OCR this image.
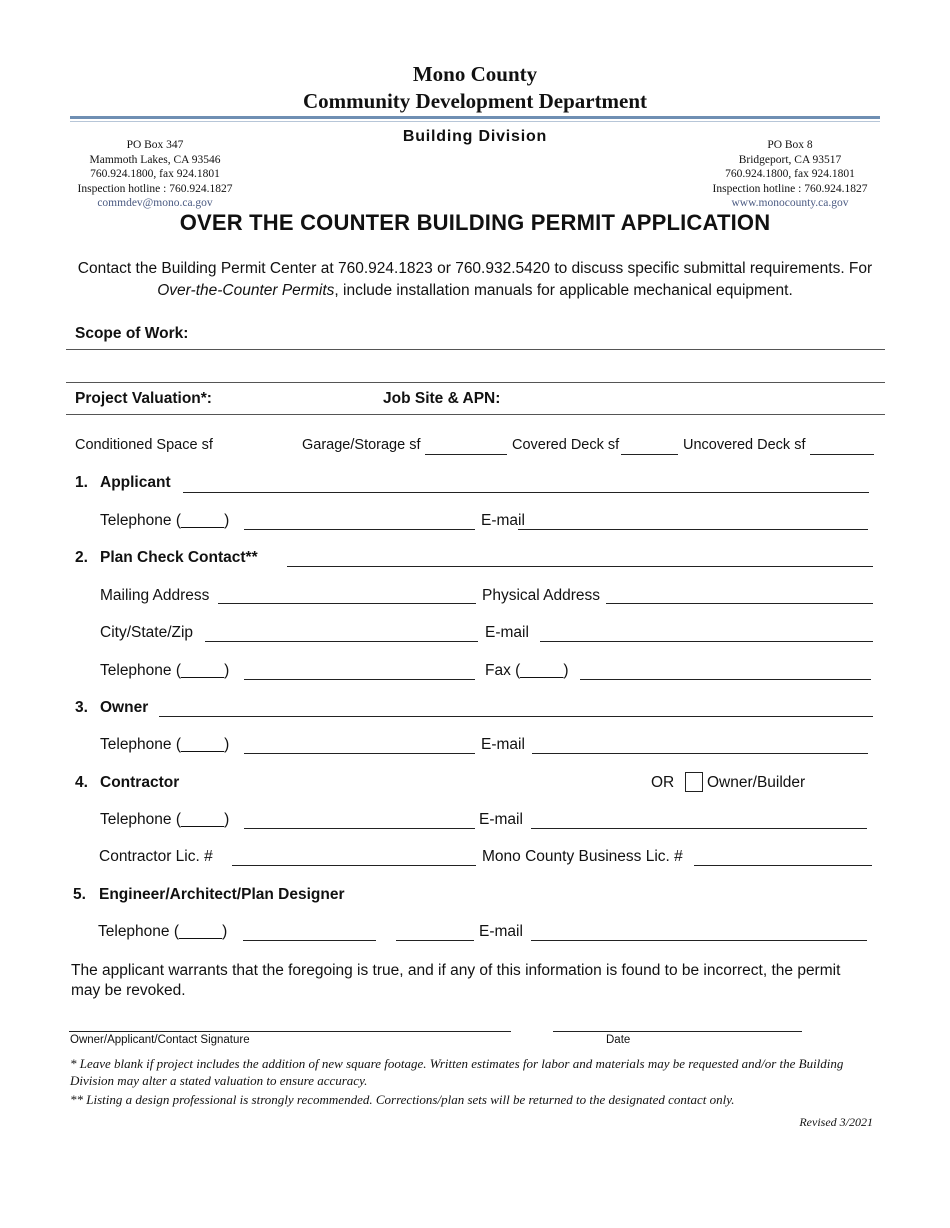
Mono County
Community Development Department
Building Division
PO Box 347
Mammoth Lakes, CA 93546
760.924.1800, fax 924.1801
Inspection hotline : 760.924.1827
commdev@mono.ca.gov
PO Box 8
Bridgeport, CA 93517
760.924.1800, fax 924.1801
Inspection hotline : 760.924.1827
www.monocounty.ca.gov
OVER THE COUNTER BUILDING PERMIT APPLICATION
Contact the Building Permit Center at 760.924.1823 or 760.932.5420 to discuss specific submittal requirements. For Over-the-Counter Permits, include installation manuals for applicable mechanical equipment.
Scope of Work:
Project Valuation*:	Job Site & APN:
Conditioned Space sf	Garage/Storage sf	Covered Deck sf	Uncovered Deck sf
1. Applicant
Telephone (_____)	E-mail
2. Plan Check Contact**
Mailing Address	Physical Address
City/State/Zip	E-mail
Telephone (_____)	Fax (_____)
3. Owner
Telephone (_____)	E-mail
4. Contractor	OR Owner/Builder
Telephone (_____)	E-mail
Contractor Lic. #	Mono County Business Lic. #
5. Engineer/Architect/Plan Designer
Telephone (_____)	E-mail
The applicant warrants that the foregoing is true, and if any of this information is found to be incorrect, the permit may be revoked.
Owner/Applicant/Contact Signature	Date
* Leave blank if project includes the addition of new square footage. Written estimates for labor and materials may be requested and/or the Building Division may alter a stated valuation to ensure accuracy.
** Listing a design professional is strongly recommended. Corrections/plan sets will be returned to the designated contact only.
Revised 3/2021
